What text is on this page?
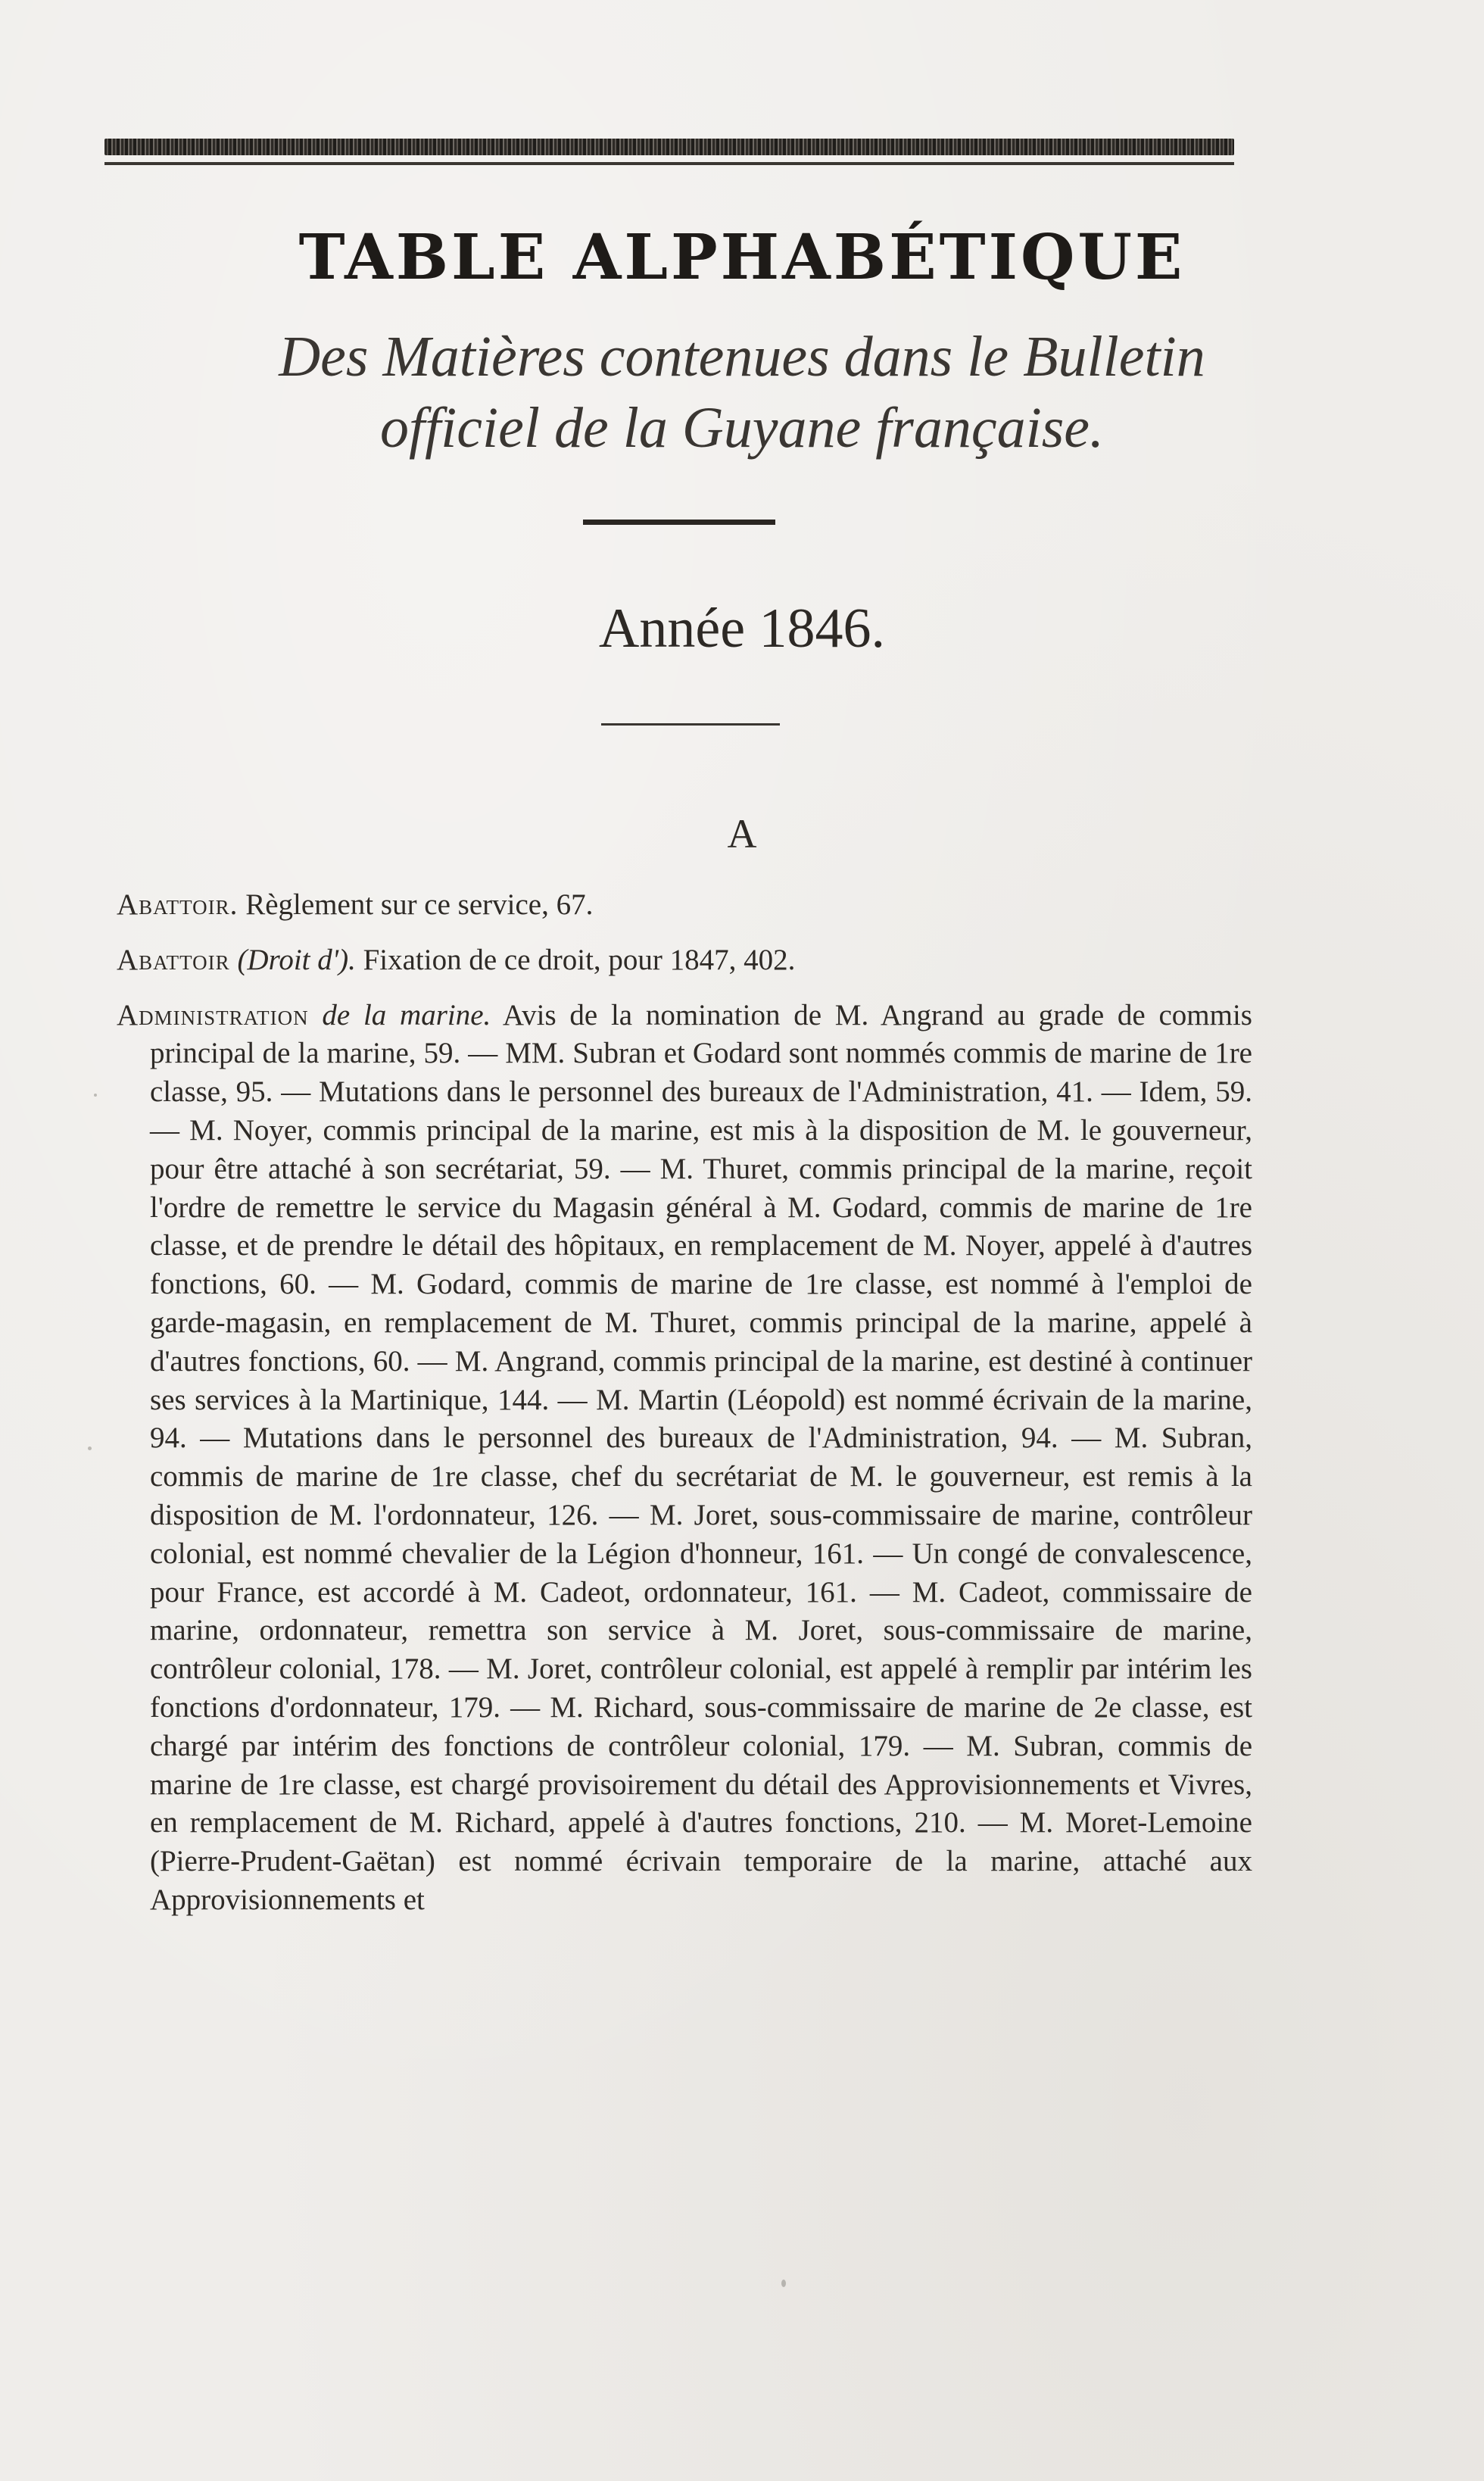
TABLE ALPHABÉTIQUE
Des Matières contenues dans le Bulletin
officiel de la Guyane française.
Année 1846.
A

Abattoir. Règlement sur ce service, 67.

Abattoir (Droit d'). Fixation de ce droit, pour 1847, 402.

Administration de la marine. Avis de la nomination de M. Angrand au grade de commis principal de la marine, 59. — MM. Subran et Godard sont nommés commis de marine de 1re classe, 95. — Mutations dans le personnel des bureaux de l'Administration, 41. — Idem, 59. — M. Noyer, commis principal de la marine, est mis à la disposition de M. le gouverneur, pour être attaché à son secrétariat, 59. — M. Thuret, commis principal de la marine, reçoit l'ordre de remettre le service du Magasin général à M. Godard, commis de marine de 1re classe, et de prendre le détail des hôpitaux, en remplacement de M. Noyer, appelé à d'autres fonctions, 60. — M. Godard, commis de marine de 1re classe, est nommé à l'emploi de garde-magasin, en remplacement de M. Thuret, commis principal de la marine, appelé à d'autres fonctions, 60. — M. Angrand, commis principal de la marine, est destiné à continuer ses services à la Martinique, 144. — M. Martin (Léopold) est nommé écrivain de la marine, 94. — Mutations dans le personnel des bureaux de l'Administration, 94. — M. Subran, commis de marine de 1re classe, chef du secrétariat de M. le gouverneur, est remis à la disposition de M. l'ordonnateur, 126. — M. Joret, sous-commissaire de marine, contrôleur colonial, est nommé chevalier de la Légion d'honneur, 161. — Un congé de convalescence, pour France, est accordé à M. Cadeot, ordonnateur, 161. — M. Cadeot, commissaire de marine, ordonnateur, remettra son service à M. Joret, sous-commissaire de marine, contrôleur colonial, 178. — M. Joret, contrôleur colonial, est appelé à remplir par intérim les fonctions d'ordonnateur, 179. — M. Richard, sous-commissaire de marine de 2e classe, est chargé par intérim des fonctions de contrôleur colonial, 179. — M. Subran, commis de marine de 1re classe, est chargé provisoirement du détail des Approvisionnements et Vivres, en remplacement de M. Richard, appelé à d'autres fonctions, 210. — M. Moret-Lemoine (Pierre-Prudent-Gaëtan) est nommé écrivain temporaire de la marine, attaché aux Approvisionnements et
